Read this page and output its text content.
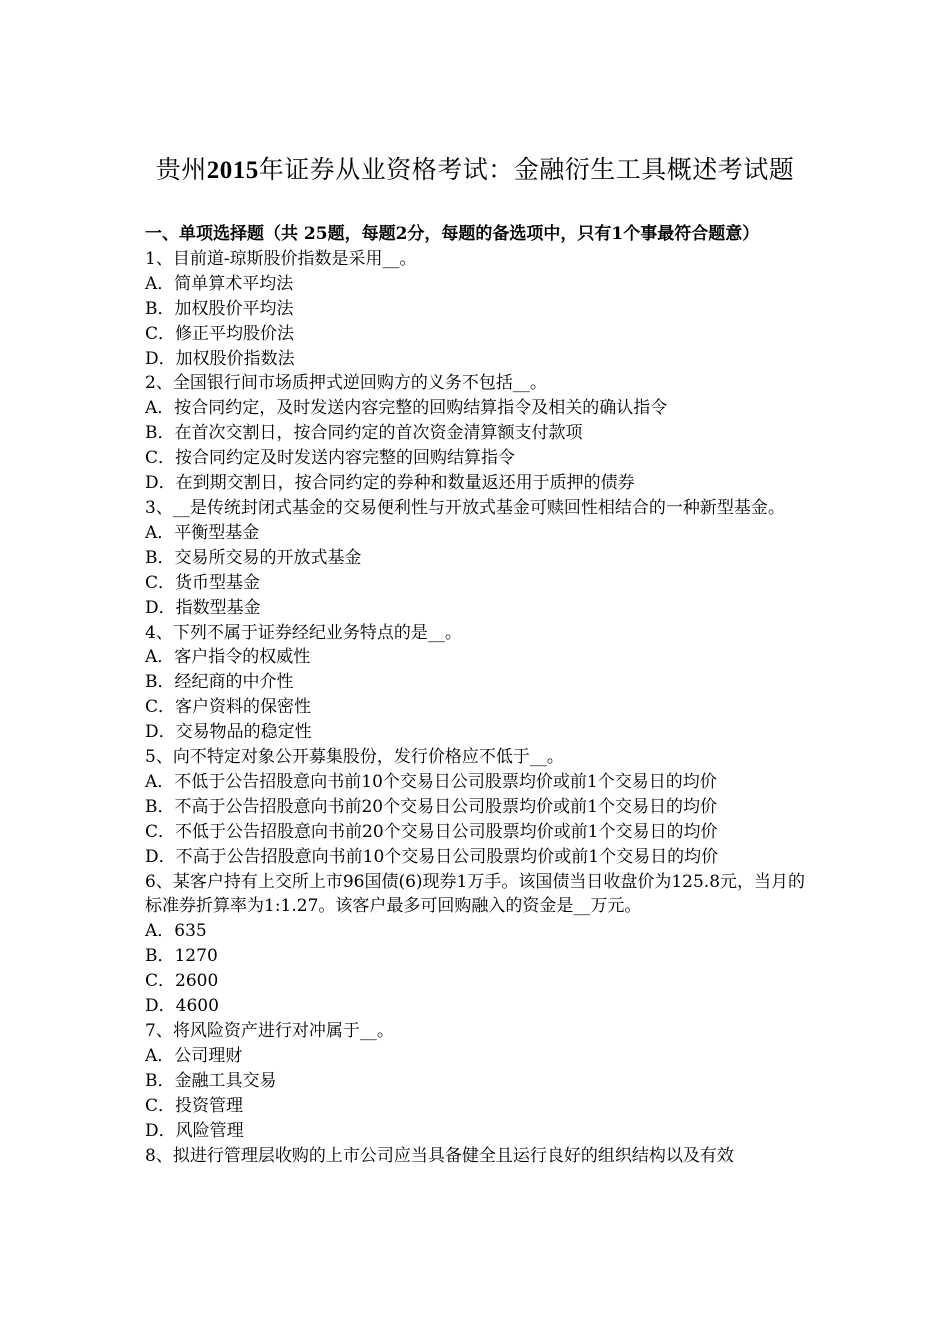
贵州2015年证券从业资格考试：金融衍生工具概述考试题

一、单项选择题（共 25题，每题2分，每题的备选项中，只有1个事最符合题意）

1、目前道-琼斯股价指数是采用__。

A．简单算术平均法

B．加权股价平均法

C．修正平均股价法

D．加权股价指数法

2、全国银行间市场质押式逆回购方的义务不包括__。

A．按合同约定，及时发送内容完整的回购结算指令及相关的确认指令

B．在首次交割日，按合同约定的首次资金清算额支付款项

C．按合同约定及时发送内容完整的回购结算指令

D．在到期交割日，按合同约定的券种和数量返还用于质押的债券

3、__是传统封闭式基金的交易便利性与开放式基金可赎回性相结合的一种新型基金。

A．平衡型基金

B．交易所交易的开放式基金

C．货币型基金

D．指数型基金

4、下列不属于证券经纪业务特点的是__。

A．客户指令的权威性

B．经纪商的中介性

C．客户资料的保密性

D．交易物品的稳定性

5、向不特定对象公开募集股份，发行价格应不低于__。

A．不低于公告招股意向书前10个交易日公司股票均价或前1个交易日的均价

B．不高于公告招股意向书前20个交易日公司股票均价或前1个交易日的均价

C．不低于公告招股意向书前20个交易日公司股票均价或前1个交易日的均价

D．不高于公告招股意向书前10个交易日公司股票均价或前1个交易日的均价

6、某客户持有上交所上市96国债(6)现券1万手。该国债当日收盘价为125.8元，当月的标准券折算率为1:1.27。该客户最多可回购融入的资金是__万元。

A．635

B．1270

C．2600

D．4600

7、将风险资产进行对冲属于__。

A．公司理财

B．金融工具交易

C．投资管理

D．风险管理

8、拟进行管理层收购的上市公司应当具备健全且运行良好的组织结构以及有效
